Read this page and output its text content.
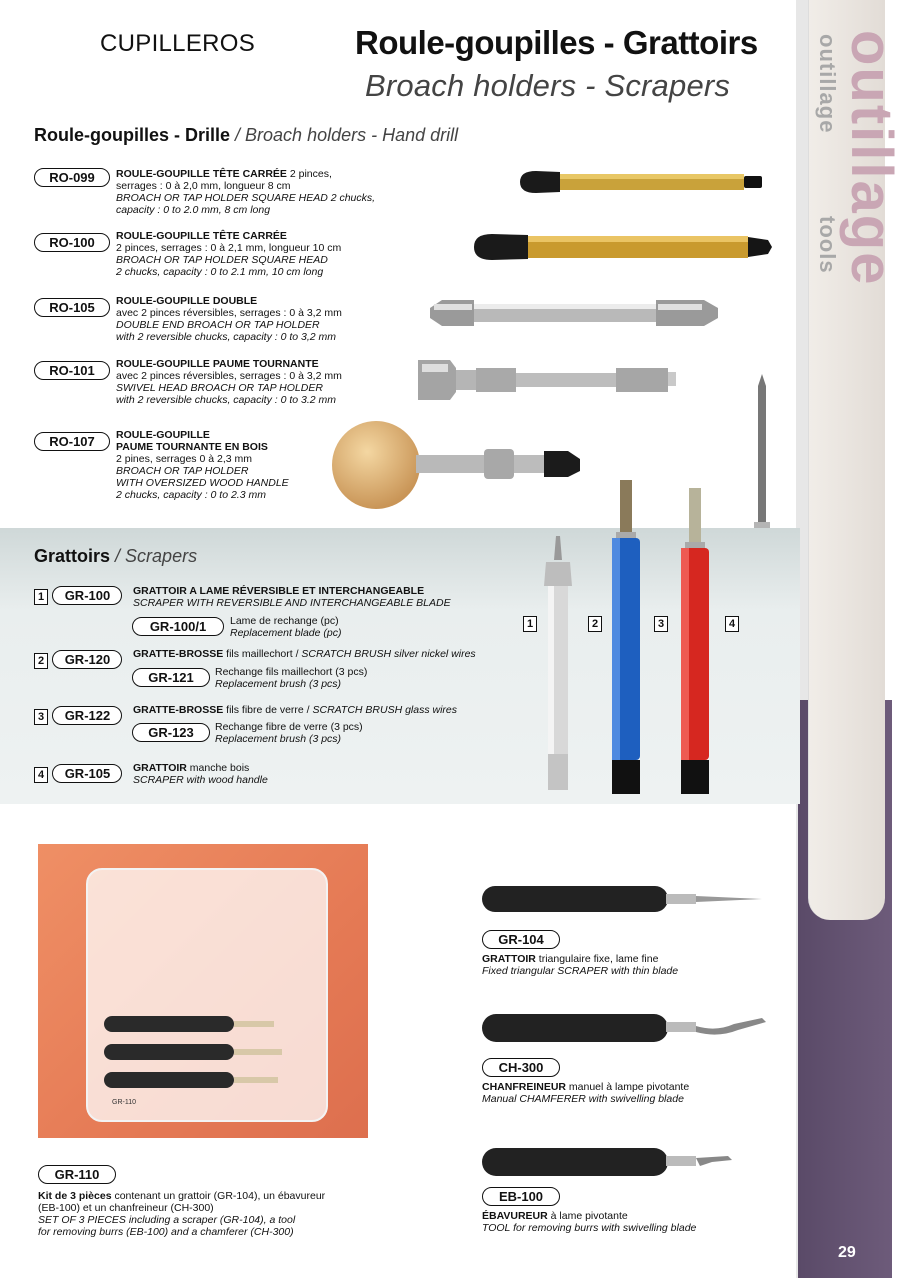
outillage
outillage
tools
29
CUPILLEROS	Roule-goupilles - Grattoirs
Broach holders - Scrapers
Roule-goupilles - Drille / Broach holders - Hand drill
RO-099	ROULE-GOUPILLE TÊTE CARRÉE 2 pinces,
serrages : 0 à 2,0 mm, longueur 8 cm
BROACH OR TAP HOLDER SQUARE HEAD 2 chucks,
capacity : 0 to 2.0 mm, 8 cm long
RO-100	ROULE-GOUPILLE TÊTE CARRÉE
2 pinces, serrages : 0 à 2,1 mm, longueur 10 cm
BROACH OR TAP HOLDER SQUARE HEAD
2 chucks, capacity : 0 to 2.1 mm, 10 cm long
RO-105	ROULE-GOUPILLE DOUBLE
avec 2 pinces réversibles, serrages : 0 à 3,2 mm
DOUBLE END BROACH OR TAP HOLDER
with 2 reversible chucks, capacity : 0 to 3,2 mm
RO-101	ROULE-GOUPILLE PAUME TOURNANTE
avec 2 pinces réversibles, serrages : 0 à 3,2 mm
SWIVEL HEAD BROACH OR TAP HOLDER
with 2 reversible chucks, capacity : 0 to 3.2 mm
RO-107	ROULE-GOUPILLE
PAUME TOURNANTE EN BOIS
2 pines, serrages 0 à 2,3 mm
BROACH OR TAP HOLDER
WITH OVERSIZED WOOD HANDLE
2 chucks, capacity : 0 to 2.3 mm
Grattoirs / Scrapers
1 GR-100	GRATTOIR A LAME RÉVERSIBLE ET INTERCHANGEABLE
SCRAPER WITH REVERSIBLE AND INTERCHANGEABLE BLADE
GR-100/1	Lame de rechange (pc)
Replacement blade (pc)
2 GR-120	GRATTE-BROSSE fils maillechort / SCRATCH BRUSH silver nickel wires
GR-121	Rechange fils maillechort (3 pcs)
Replacement brush (3 pcs)
3 GR-122	GRATTE-BROSSE fils fibre de verre / SCRATCH BRUSH glass wires
GR-123	Rechange fibre de verre (3 pcs)
Replacement brush (3 pcs)
4 GR-105	GRATTOIR manche bois
SCRAPER with wood handle
1	2	3	4
GR-110
GR-110
Kit de 3 pièces contenant un grattoir (GR-104), un ébavureur
(EB-100) et un chanfreineur (CH-300)
SET OF 3 PIECES including a scraper (GR-104), a tool
for removing burrs (EB-100) and a chamferer (CH-300)
GR-104
GRATTOIR triangulaire fixe, lame fine
Fixed triangular SCRAPER with thin blade
CH-300
CHANFREINEUR manuel à lampe pivotante
Manual CHAMFERER with swivelling blade
EB-100
ÉBAVUREUR à lame pivotante
TOOL for removing burrs with swivelling blade
